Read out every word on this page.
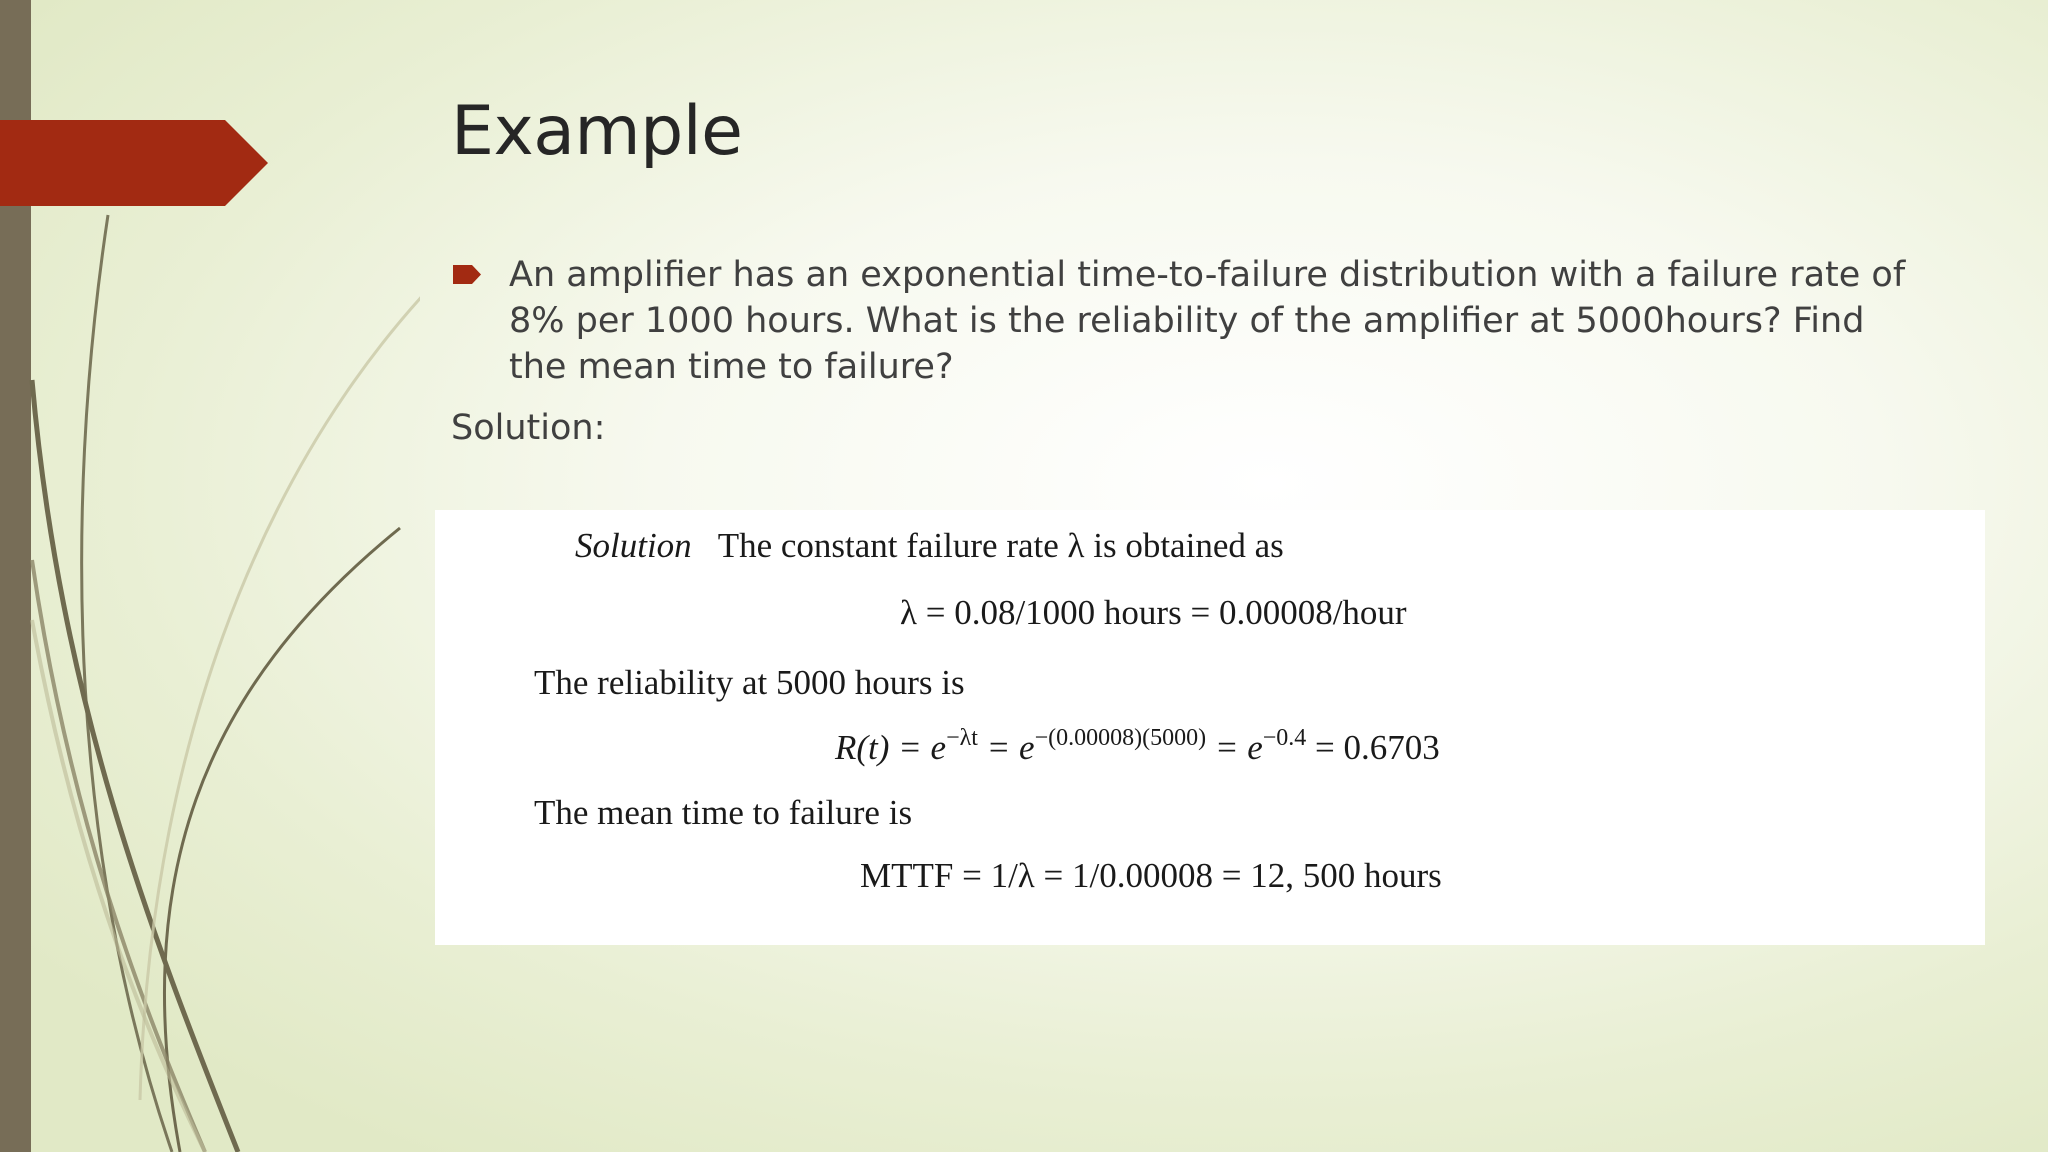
Example
An amplifier has an exponential time-to-failure distribution with a failure rate of 8% per 1000 hours. What is the reliability of the amplifier at 5000hours? Find the mean time to failure?
Solution:
Solution The constant failure rate λ is obtained as
λ = 0.08/1000 hours = 0.00008/hour
The reliability at 5000 hours is
$R(t) = e^{-\lambda t} = e^{-(0.00008)(5000)} = e^{-0.4} = 0.6703$
The mean time to failure is
MTTF = 1/λ = 1/0.00008 = 12, 500 hours
